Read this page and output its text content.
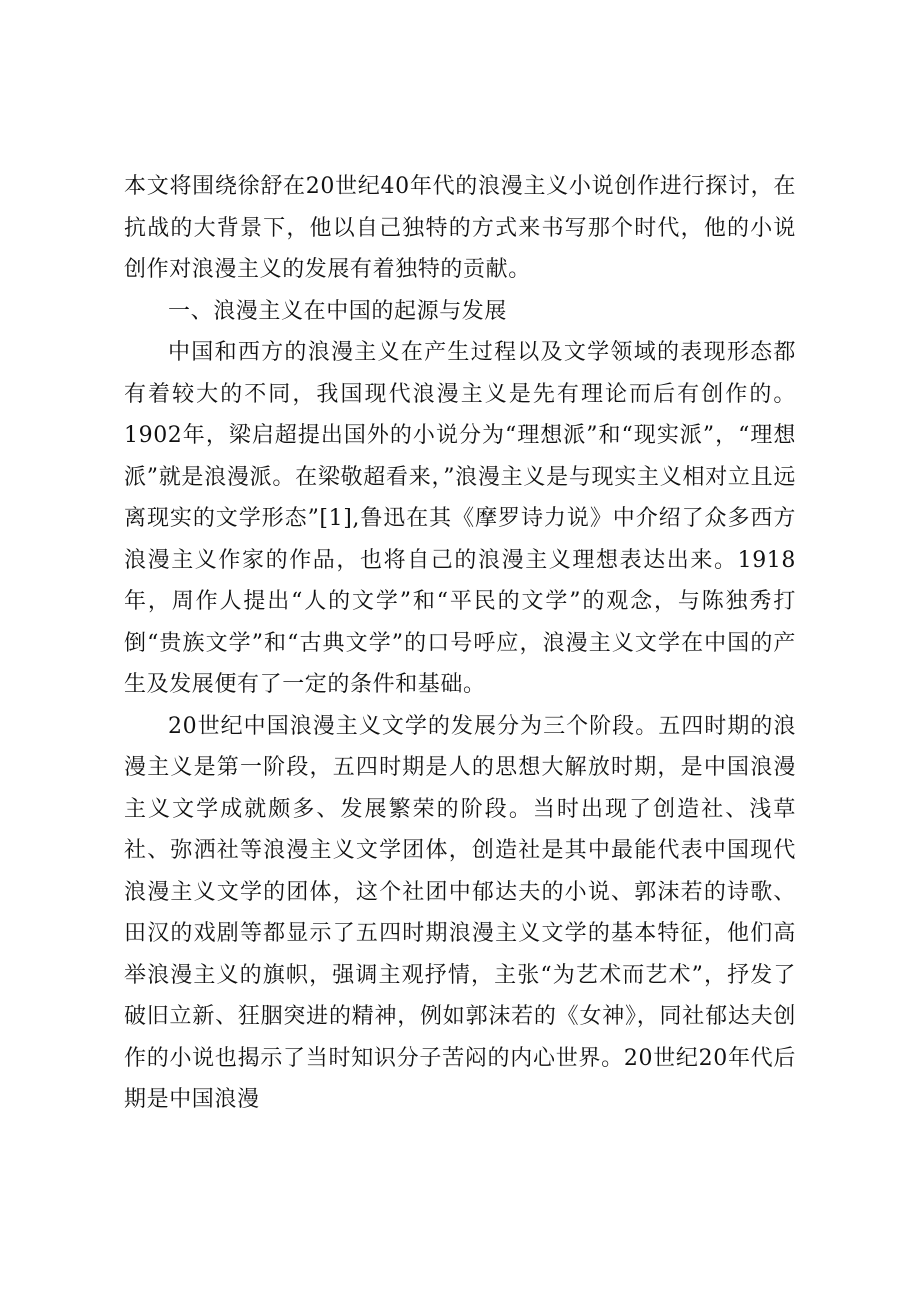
本文将围绕徐舒在20世纪40年代的浪漫主义小说创作进行探讨，在抗战的大背景下，他以自己独特的方式来书写那个时代，他的小说创作对浪漫主义的发展有着独特的贡献。

一、浪漫主义在中国的起源与发展

中国和西方的浪漫主义在产生过程以及文学领域的表现形态都有着较大的不同，我国现代浪漫主义是先有理论而后有创作的。1902年，梁启超提出国外的小说分为“理想派”和“现实派”，“理想派”就是浪漫派。在梁敬超看来，”浪漫主义是与现实主义相对立且远离现实的文学形态”[1],鲁迅在其《摩罗诗力说》中介绍了众多西方浪漫主义作家的作品，也将自己的浪漫主义理想表达出来。1918年，周作人提出“人的文学”和“平民的文学”的观念，与陈独秀打倒“贵族文学”和“古典文学”的口号呼应，浪漫主义文学在中国的产生及发展便有了一定的条件和基础。

20世纪中国浪漫主义文学的发展分为三个阶段。五四时期的浪漫主义是第一阶段，五四时期是人的思想大解放时期，是中国浪漫主义文学成就颇多、发展繁荣的阶段。当时出现了创造社、浅草社、弥洒社等浪漫主义文学团体，创造社是其中最能代表中国现代浪漫主义文学的团体，这个社团中郁达夫的小说、郭沫若的诗歌、田汉的戏剧等都显示了五四时期浪漫主义文学的基本特征，他们高举浪漫主义的旗帜，强调主观抒情，主张“为艺术而艺术”，抒发了破旧立新、狂胭突进的精神，例如郭沫若的《女神》，同社郁达夫创作的小说也揭示了当时知识分子苦闷的内心世界。20世纪20年代后期是中国浪漫
